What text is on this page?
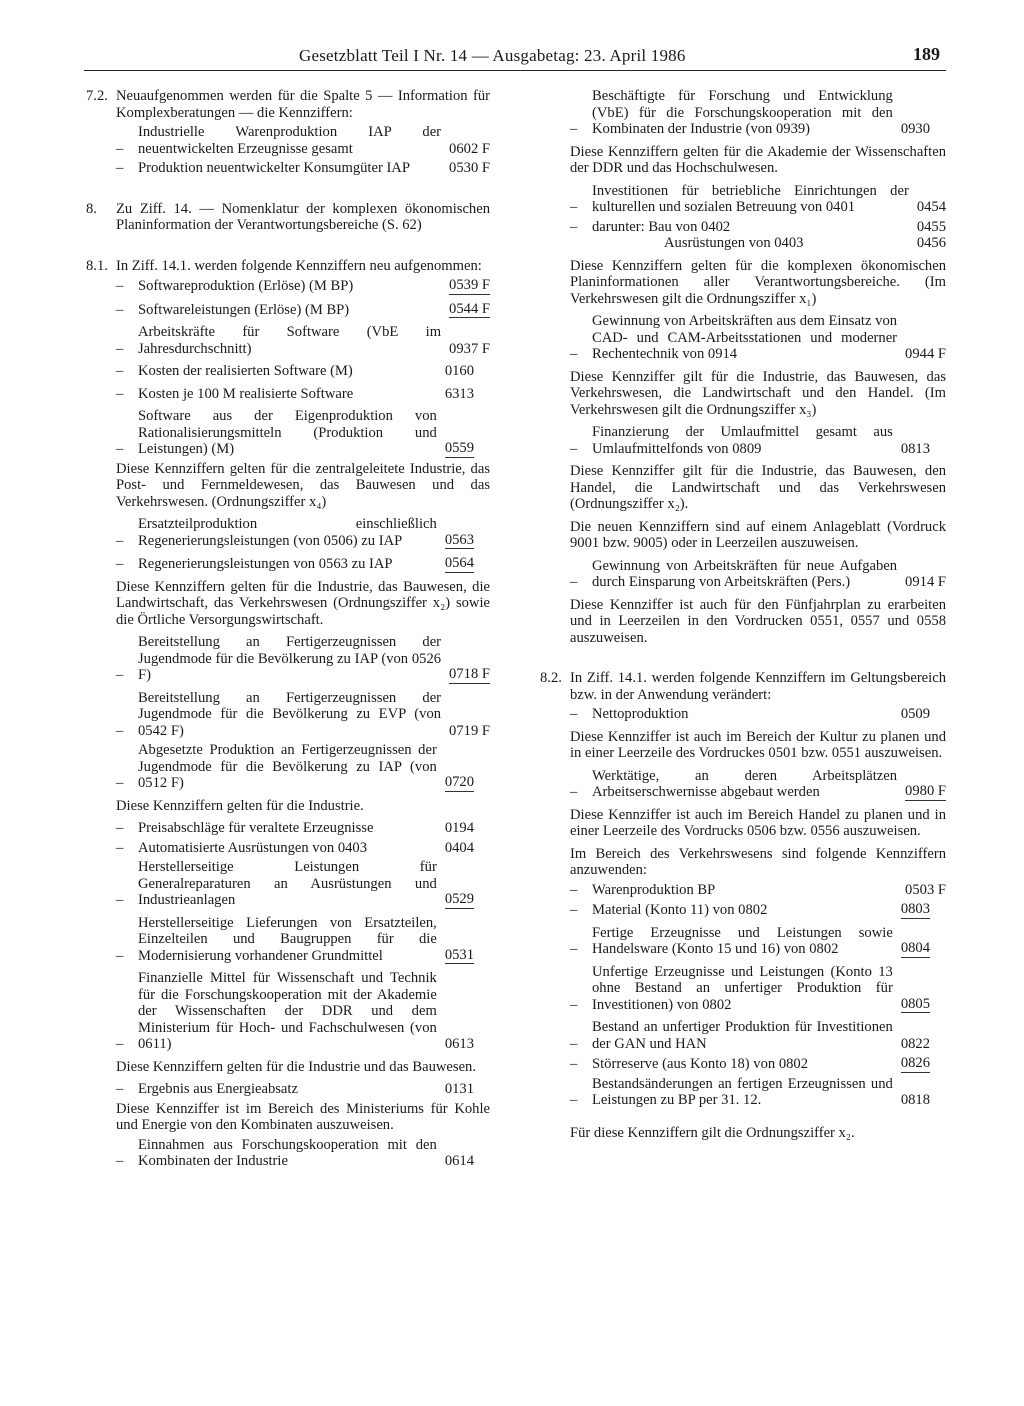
Gesetzblatt Teil I Nr. 14 — Ausgabetag: 23. April 1986	189
7.2. Neuaufgenommen werden für die Spalte 5 — Information für Komplexberatungen — die Kennziffern:
–
Industrielle Warenproduktion IAP der neuentwickelten Erzeugnisse gesamt	0602 F
–	Produktion neuentwickelter Konsumgüter IAP	0530 F
8.	Zu Ziff. 14. — Nomenklatur der komplexen ökonomischen Planinformation der Verantwortungsbereiche (S. 62)
8.1. In Ziff. 14.1. werden folgende Kennziffern neu aufgenommen:
–	Softwareproduktion (Erlöse) (M BP)	0539 F
–	Softwareleistungen (Erlöse) (M BP)	0544 F
–
Arbeitskräfte für Software (VbE im Jahresdurchschnitt)	0937 F
–	Kosten der realisierten Software (M)	0160
–	Kosten je 100 M realisierte Software	6313
–
Software aus der Eigenproduktion von Rationalisierungsmitteln (Produktion und Leistungen) (M)	0559
Diese Kennziffern gelten für die zentralgeleitete Industrie, das Post- und Fernmeldewesen, das Bauwesen und das Verkehrswesen. (Ordnungsziffer x₄)
–
Ersatzteilproduktion einschließlich Regenerierungsleistungen (von 0506) zu IAP	0563
–	Regenerierungsleistungen von 0563 zu IAP	0564
Diese Kennziffern gelten für die Industrie, das Bauwesen, die Landwirtschaft, das Verkehrswesen (Ordnungsziffer x₂) sowie die Örtliche Versorgungswirtschaft.
–
Bereitstellung an Fertigerzeugnissen der Jugendmode für die Bevölkerung zu IAP (von 0526 F)	0718 F
–
Bereitstellung an Fertigerzeugnissen der Jugendmode für die Bevölkerung zu EVP (von 0542 F)	0719 F
–
Abgesetzte Produktion an Fertigerzeugnissen der Jugendmode für die Bevölkerung zu IAP (von 0512 F)	0720
Diese Kennziffern gelten für die Industrie.
–	Preisabschläge für veraltete Erzeugnisse	0194
–	Automatisierte Ausrüstungen von 0403	0404
–
Herstellerseitige Leistungen für Generalreparaturen an Ausrüstungen und Industrieanlagen	0529
–
Herstellerseitige Lieferungen von Ersatzteilen, Einzelteilen und Baugruppen für die Modernisierung vorhandener Grundmittel	0531
–
Finanzielle Mittel für Wissenschaft und Technik für die Forschungskooperation mit der Akademie der Wissenschaften der DDR und dem Ministerium für Hoch- und Fachschulwesen (von 0611)	0613
Diese Kennziffern gelten für die Industrie und das Bauwesen.
–	Ergebnis aus Energieabsatz	0131
Diese Kennziffer ist im Bereich des Ministeriums für Kohle und Energie von den Kombinaten auszuweisen.
–
Einnahmen aus Forschungskooperation mit den Kombinaten der Industrie	0614
–
Beschäftigte für Forschung und Entwicklung (VbE) für die Forschungskooperation mit den Kombinaten der Industrie (von 0939)	0930
Diese Kennziffern gelten für die Akademie der Wissenschaften der DDR und das Hochschulwesen.
–
Investitionen für betriebliche Einrichtungen der kulturellen und sozialen Betreuung von 0401	0454
–	darunter: Bau von 0402	0455
Ausrüstungen von 0403	0456
Diese Kennziffern gelten für die komplexen ökonomischen Planinformationen aller Verantwortungsbereiche. (Im Verkehrswesen gilt die Ordnungsziffer x₁)
–
Gewinnung von Arbeitskräften aus dem Einsatz von CAD- und CAM-Arbeitsstationen und moderner Rechentechnik von 0914	0944 F
Diese Kennziffer gilt für die Industrie, das Bauwesen, das Verkehrswesen, die Landwirtschaft und den Handel. (Im Verkehrswesen gilt die Ordnungsziffer x₃)
–
Finanzierung der Umlaufmittel gesamt aus Umlaufmittelfonds von 0809	0813
Diese Kennziffer gilt für die Industrie, das Bauwesen, den Handel, die Landwirtschaft und das Verkehrswesen (Ordnungsziffer x₂).
Die neuen Kennziffern sind auf einem Anlageblatt (Vordruck 9001 bzw. 9005) oder in Leerzeilen auszuweisen.
–
Gewinnung von Arbeitskräften für neue Aufgaben durch Einsparung von Arbeitskräften (Pers.)	0914 F
Diese Kennziffer ist auch für den Fünfjahrplan zu erarbeiten und in Leerzeilen in den Vordrucken 0551, 0557 und 0558 auszuweisen.
8.2. In Ziff. 14.1. werden folgende Kennziffern im Geltungsbereich bzw. in der Anwendung verändert:
–	Nettoproduktion	0509
Diese Kennziffer ist auch im Bereich der Kultur zu planen und in einer Leerzeile des Vordruckes 0501 bzw. 0551 auszuweisen.
–
Werktätige, an deren Arbeitsplätzen Arbeitserschwernisse abgebaut werden	0980 F
Diese Kennziffer ist auch im Bereich Handel zu planen und in einer Leerzeile des Vordrucks 0506 bzw. 0556 auszuweisen.
Im Bereich des Verkehrswesens sind folgende Kennziffern anzuwenden:
–	Warenproduktion BP	0503 F
–	Material (Konto 11) von 0802	0803
–
Fertige Erzeugnisse und Leistungen sowie Handelsware (Konto 15 und 16) von 0802	0804
–
Unfertige Erzeugnisse und Leistungen (Konto 13 ohne Bestand an unfertiger Produktion für Investitionen) von 0802	0805
–
Bestand an unfertiger Produktion für Investitionen der GAN und HAN	0822
–	Störreserve (aus Konto 18) von 0802	0826
–
Bestandsänderungen an fertigen Erzeugnissen und Leistungen zu BP per 31. 12.	0818
Für diese Kennziffern gilt die Ordnungsziffer x₂.
